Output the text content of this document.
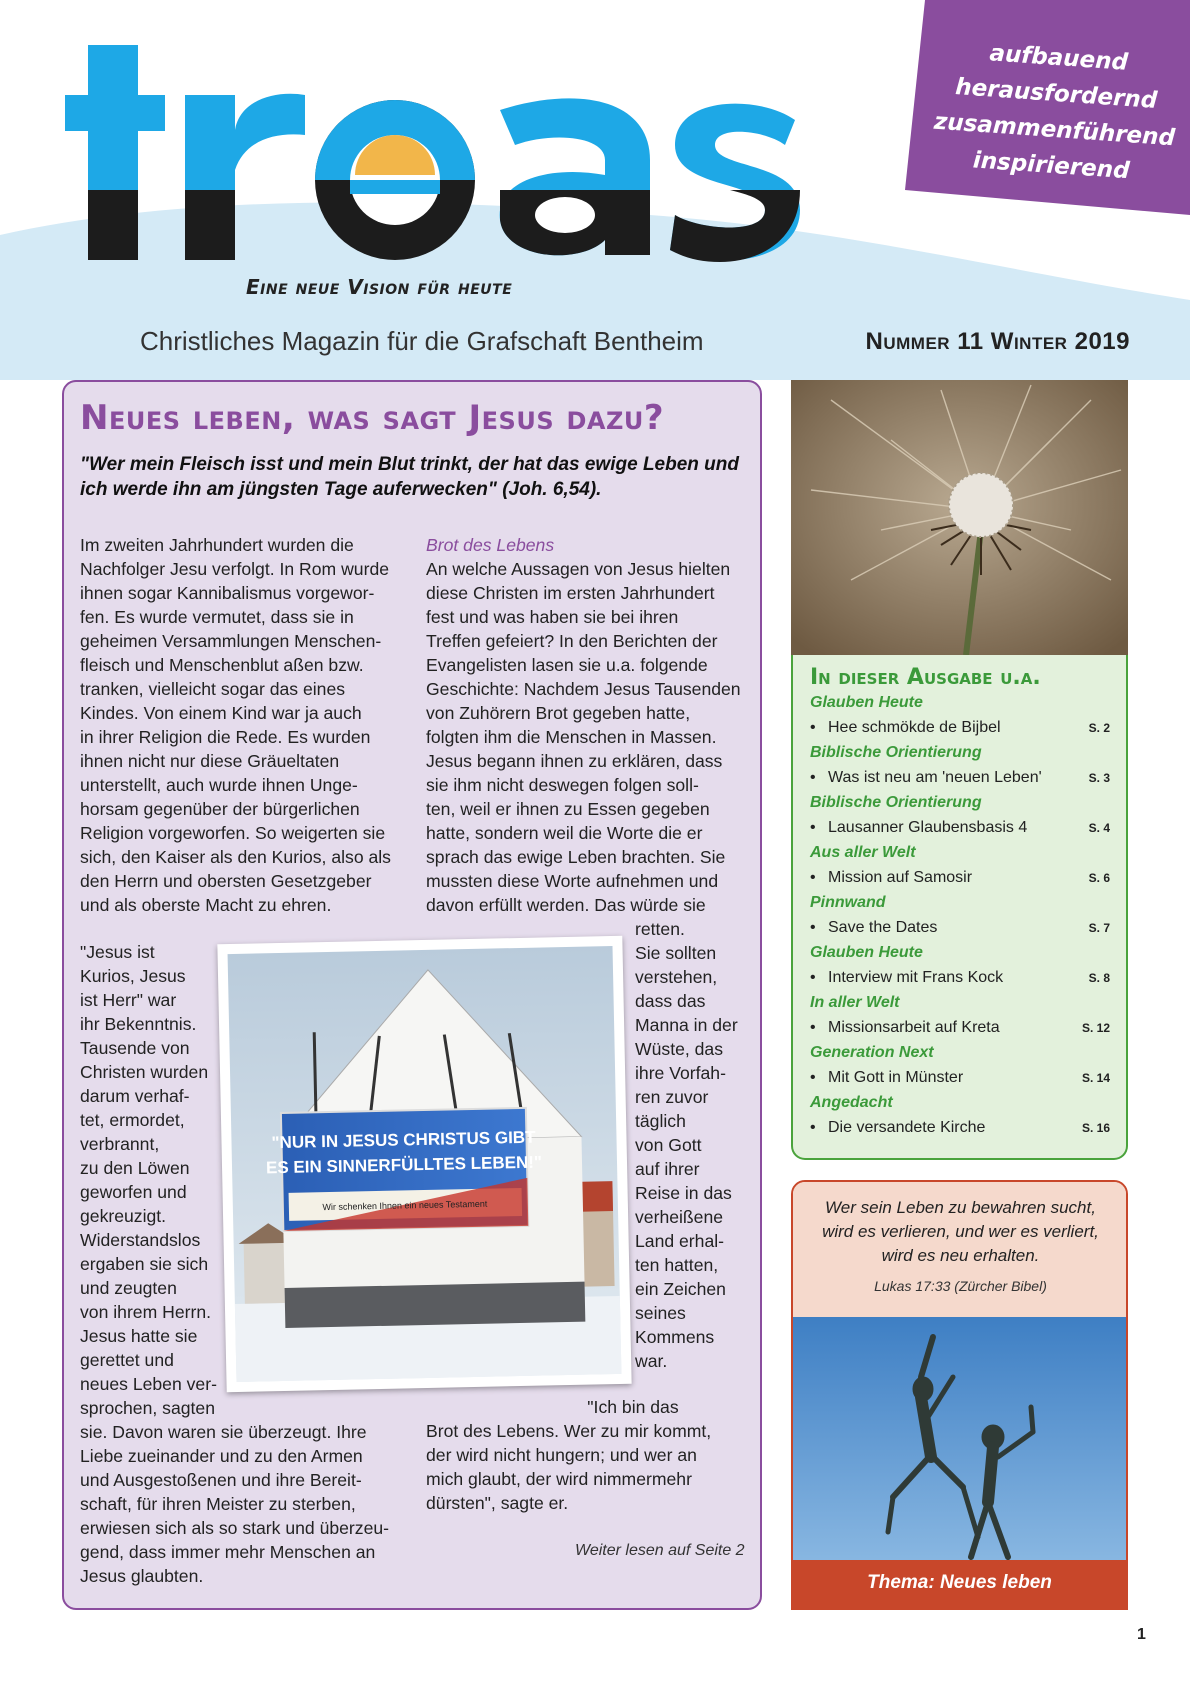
Eine neue Vision für heute
Christliches Magazin für die Grafschaft Bentheim	Nummer 11 Winter 2019
aufbauend
herausfordernd
zusammenführend
inspirierend
Neues leben, was sagt Jesus dazu?
"Wer mein Fleisch isst und mein Blut trinkt, der hat das ewige Leben und ich werde ihn am jüngsten Tage auferwecken" (Joh. 6,54).

Im zweiten Jahrhundert wurden die

Nachfolger Jesu verfolgt. In Rom wurde

ihnen sogar Kannibalismus vorgewor-

fen. Es wurde vermutet, dass sie in

geheimen Versammlungen Menschen-

fleisch und Menschenblut aßen bzw.

tranken, vielleicht sogar das eines

Kindes. Von einem Kind war ja auch

in ihrer Religion die Rede. Es wurden

ihnen nicht nur diese Gräueltaten

unterstellt, auch wurde ihnen Unge-

horsam gegenüber der bürgerlichen

Religion vorgeworfen. So weigerten sie

sich, den Kaiser als den Kurios, also als

den Herrn und obersten Gesetzgeber

und als oberste Macht zu ehren.

"Jesus ist

Kurios, Jesus

ist Herr" war

ihr Bekenntnis.

Tausende von

Christen wurden

darum verhaf-

tet, ermordet,

verbrannt,

zu den Löwen

geworfen und

gekreuzigt.

Widerstandslos

ergaben sie sich

und zeugten

von ihrem Herrn.

Jesus hatte sie

gerettet und

neues Leben ver-

sprochen, sagten

sie. Davon waren sie überzeugt. Ihre

Liebe zueinander und zu den Armen

und Ausgestoßenen und ihre Bereit-

schaft, für ihren Meister zu sterben,

erwiesen sich als so stark und überzeu-

gend, dass immer mehr Menschen an

Jesus glaubten.

Brot des Lebens

An welche Aussagen von Jesus hielten

diese Christen im ersten Jahrhundert

fest und was haben sie bei ihren

Treffen gefeiert? In den Berichten der

Evangelisten lasen sie u.a. folgende

Geschichte: Nachdem Jesus Tausenden

von Zuhörern Brot gegeben hatte,

folgten ihm die Menschen in Massen.

Jesus begann ihnen zu erklären, dass

sie ihm nicht deswegen folgen soll-

ten, weil er ihnen zu Essen gegeben

hatte, sondern weil die Worte die er

sprach das ewige Leben brachten. Sie

mussten diese Worte aufnehmen und

davon erfüllt werden. Das würde sie

retten.

Sie sollten

verstehen,

dass das

Manna in der

Wüste, das

ihre Vorfah-

ren zuvor

täglich

von Gott

auf ihrer

Reise in das

verheißene

Land erhal-

ten hatten,

ein Zeichen

seines

Kommens

war.

"Ich bin das

Brot des Lebens. Wer zu mir kommt,

der wird nicht hungern; und wer an

mich glaubt, der wird nimmermehr

dürsten", sagte er.

Weiter lesen auf Seite 2
"NUR IN JESUS CHRISTUS GIBT
ES EIN SINNERFÜLLTES LEBEN!"
Wir schenken Ihnen ein neues Testament
In dieser Ausgabe u.a.
Glauben Heute
• Hee schmökde de Bijbel	S. 2
Biblische Orientierung
• Was ist neu am 'neuen Leben'	S. 3
Biblische Orientierung
• Lausanner Glaubensbasis 4	S. 4
Aus aller Welt
• Mission auf Samosir	S. 6
Pinnwand
• Save the Dates	S. 7
Glauben Heute
• Interview mit Frans Kock	S. 8
In aller Welt
• Missionsarbeit auf Kreta	S. 12
Generation Next
• Mit Gott in Münster	S. 14
Angedacht
• Die versandete Kirche	S. 16
Wer sein Leben zu bewahren sucht, wird es verlieren, und wer es verliert, wird es neu erhalten.
Lukas 17:33 (Zürcher Bibel)
Thema: Neues leben
1
